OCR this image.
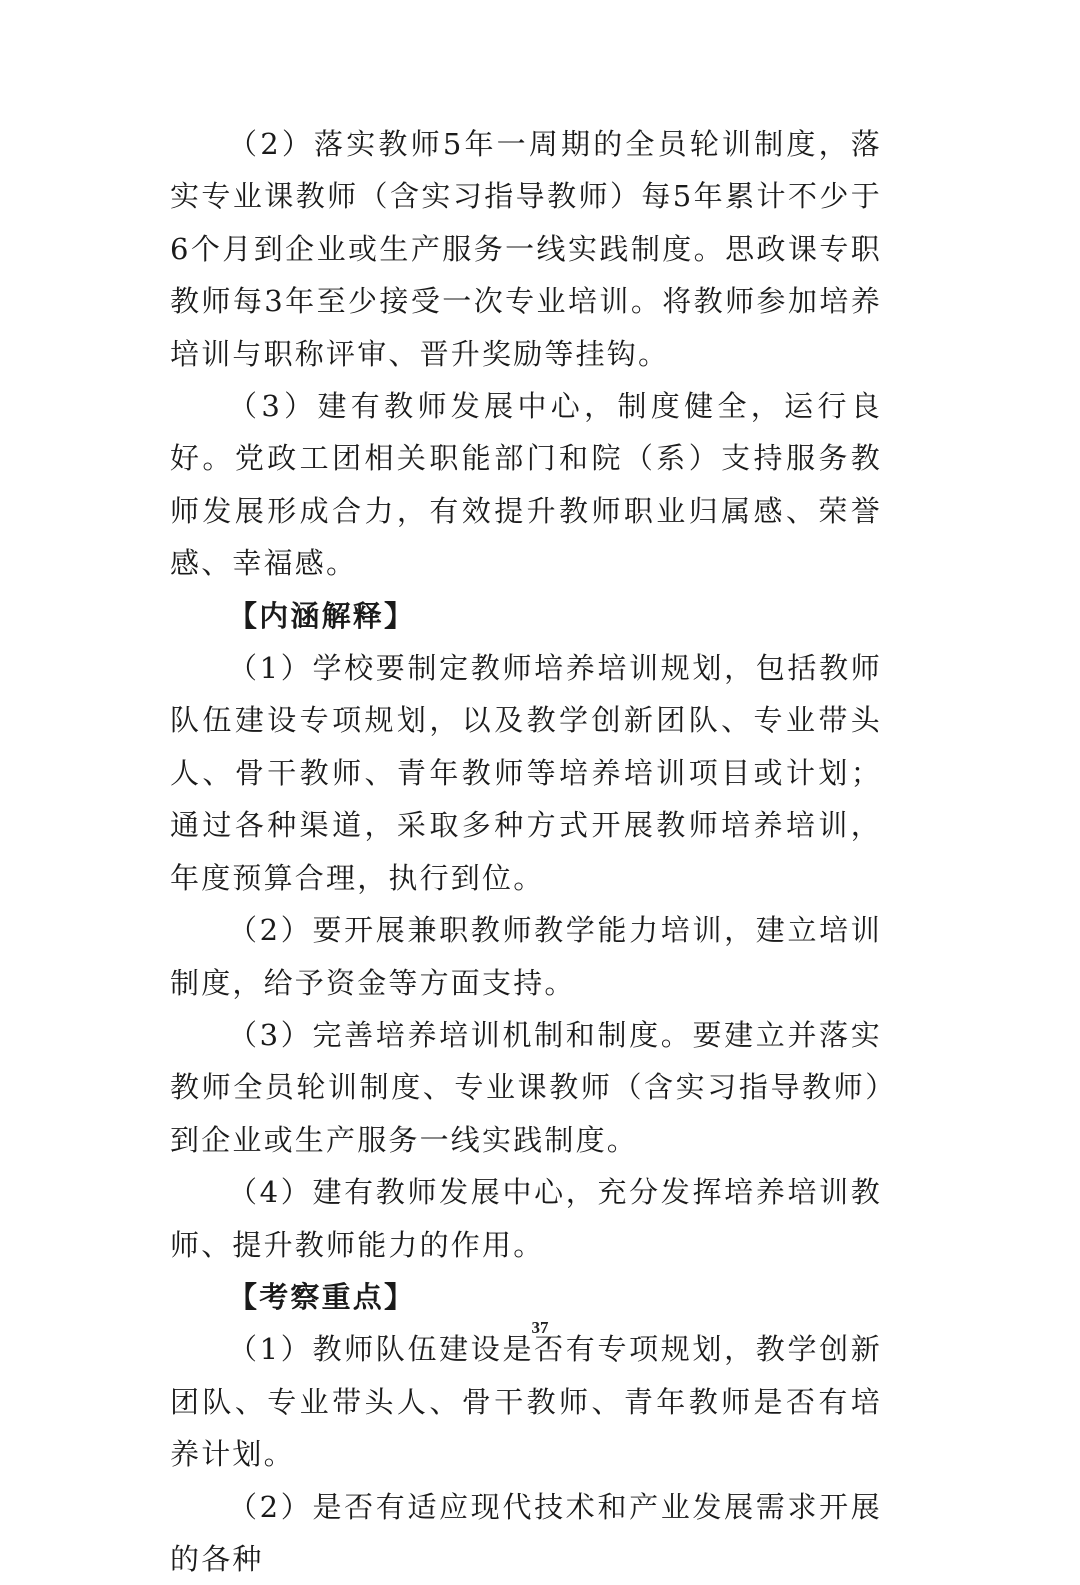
（2）落实教师5年一周期的全员轮训制度，落实专业课教师（含实习指导教师）每5年累计不少于6个月到企业或生产服务一线实践制度。思政课专职教师每3年至少接受一次专业培训。将教师参加培养培训与职称评审、晋升奖励等挂钩。

（3）建有教师发展中心，制度健全，运行良好。党政工团相关职能部门和院（系）支持服务教师发展形成合力，有效提升教师职业归属感、荣誉感、幸福感。

【内涵解释】

（1）学校要制定教师培养培训规划，包括教师队伍建设专项规划，以及教学创新团队、专业带头人、骨干教师、青年教师等培养培训项目或计划；通过各种渠道，采取多种方式开展教师培养培训，年度预算合理，执行到位。

（2）要开展兼职教师教学能力培训，建立培训制度，给予资金等方面支持。

（3）完善培养培训机制和制度。要建立并落实教师全员轮训制度、专业课教师（含实习指导教师）到企业或生产服务一线实践制度。

（4）建有教师发展中心，充分发挥培养培训教师、提升教师能力的作用。

【考察重点】

（1）教师队伍建设是否有专项规划，教学创新团队、专业带头人、骨干教师、青年教师是否有培养计划。

（2）是否有适应现代技术和产业发展需求开展的各种

37
